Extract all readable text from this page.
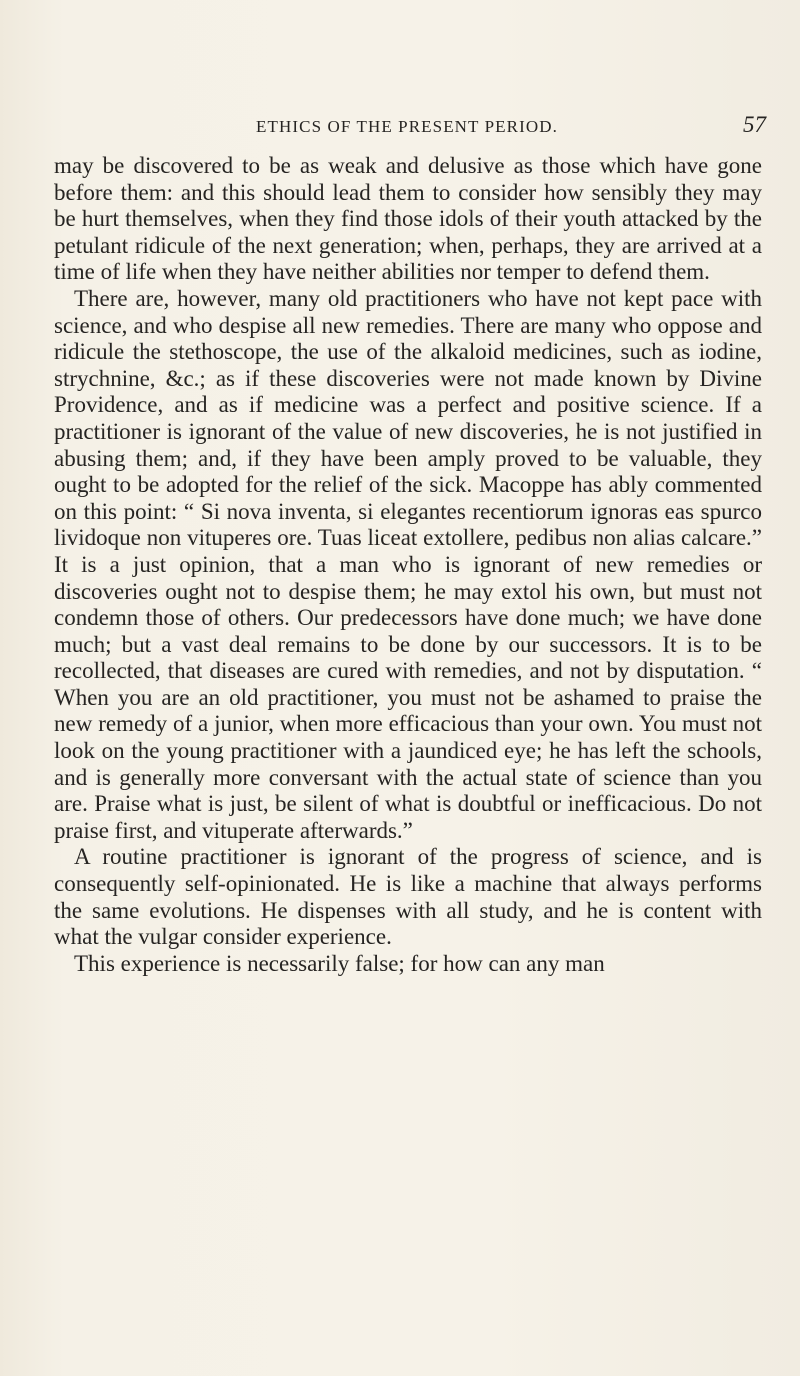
ETHICS OF THE PRESENT PERIOD.	57

may be discovered to be as weak and delusive as those which have gone before them: and this should lead them to consider how sensibly they may be hurt themselves, when they find those idols of their youth attacked by the petulant ridicule of the next generation; when, perhaps, they are arrived at a time of life when they have neither abilities nor temper to defend them.

There are, however, many old practitioners who have not kept pace with science, and who despise all new remedies. There are many who oppose and ridicule the stethoscope, the use of the alkaloid medicines, such as iodine, strychnine, &c.; as if these discoveries were not made known by Divine Providence, and as if medicine was a perfect and positive science. If a practitioner is ignorant of the value of new discoveries, he is not justified in abusing them; and, if they have been amply proved to be valuable, they ought to be adopted for the relief of the sick. Macoppe has ably commented on this point: “ Si nova inventa, si elegantes recentiorum ignoras eas spurco lividoque non vituperes ore. Tuas liceat extollere, pedibus non alias calcare.” It is a just opinion, that a man who is ignorant of new remedies or discoveries ought not to despise them; he may extol his own, but must not condemn those of others. Our predecessors have done much; we have done much; but a vast deal remains to be done by our successors. It is to be recollected, that diseases are cured with remedies, and not by disputation. “ When you are an old practitioner, you must not be ashamed to praise the new remedy of a junior, when more efficacious than your own. You must not look on the young practitioner with a jaundiced eye; he has left the schools, and is generally more conversant with the actual state of science than you are. Praise what is just, be silent of what is doubtful or inefficacious. Do not praise first, and vituperate afterwards.”

A routine practitioner is ignorant of the progress of science, and is consequently self-opinionated. He is like a machine that always performs the same evolutions. He dispenses with all study, and he is content with what the vulgar consider experience.

This experience is necessarily false; for how can any man
